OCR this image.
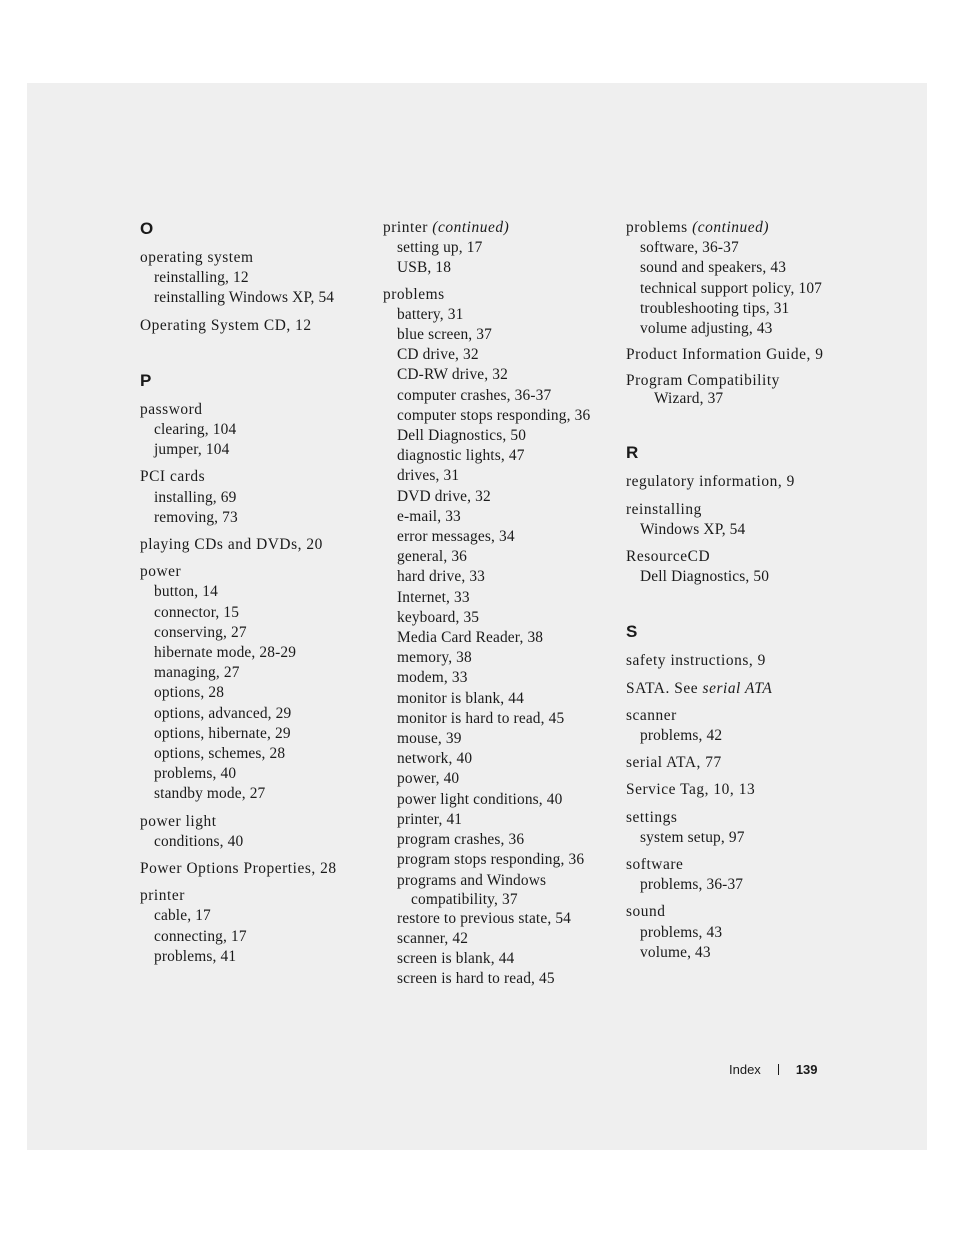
O
operating system
reinstalling, 12
reinstalling Windows XP, 54
Operating System CD, 12
P
password
clearing, 104
jumper, 104
PCI cards
installing, 69
removing, 73
playing CDs and DVDs, 20
power
button, 14
connector, 15
conserving, 27
hibernate mode, 28-29
managing, 27
options, 28
options, advanced, 29
options, hibernate, 29
options, schemes, 28
problems, 40
standby mode, 27
power light
conditions, 40
Power Options Properties, 28
printer
cable, 17
connecting, 17
problems, 41
printer (continued)
setting up, 17
USB, 18
problems
battery, 31
blue screen, 37
CD drive, 32
CD-RW drive, 32
computer crashes, 36-37
computer stops responding, 36
Dell Diagnostics, 50
diagnostic lights, 47
drives, 31
DVD drive, 32
e-mail, 33
error messages, 34
general, 36
hard drive, 33
Internet, 33
keyboard, 35
Media Card Reader, 38
memory, 38
modem, 33
monitor is blank, 44
monitor is hard to read, 45
mouse, 39
network, 40
power, 40
power light conditions, 40
printer, 41
program crashes, 36
program stops responding, 36
programs and Windows
compatibility, 37
restore to previous state, 54
scanner, 42
screen is blank, 44
screen is hard to read, 45
problems (continued)
software, 36-37
sound and speakers, 43
technical support policy, 107
troubleshooting tips, 31
volume adjusting, 43
Product Information Guide, 9
Program Compatibility
Wizard, 37
R
regulatory information, 9
reinstalling
Windows XP, 54
ResourceCD
Dell Diagnostics, 50
S
safety instructions, 9
SATA. See serial ATA
scanner
problems, 42
serial ATA, 77
Service Tag, 10, 13
settings
system setup, 97
software
problems, 36-37
sound
problems, 43
volume, 43
Index	139
